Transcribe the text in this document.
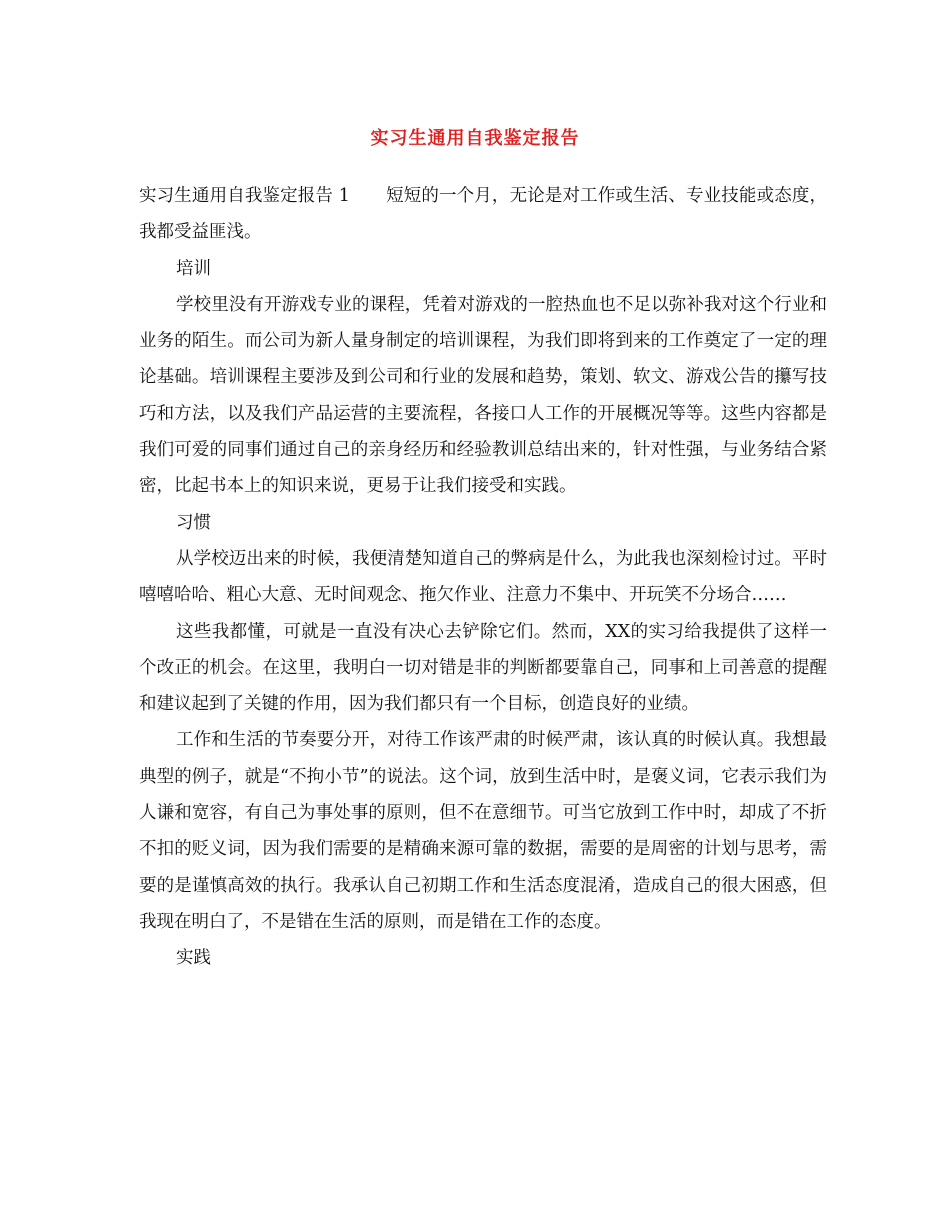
实习生通用自我鉴定报告

实习生通用自我鉴定报告 1 短短的一个月，无论是对工作或生活、专业技能或态度，我都受益匪浅。

培训

学校里没有开游戏专业的课程，凭着对游戏的一腔热血也不足以弥补我对这个行业和业务的陌生。而公司为新人量身制定的培训课程，为我们即将到来的工作奠定了一定的理论基础。培训课程主要涉及到公司和行业的发展和趋势，策划、软文、游戏公告的攥写技巧和方法，以及我们产品运营的主要流程，各接口人工作的开展概况等等。这些内容都是我们可爱的同事们通过自己的亲身经历和经验教训总结出来的，针对性强，与业务结合紧密，比起书本上的知识来说，更易于让我们接受和实践。

习惯

从学校迈出来的时候，我便清楚知道自己的弊病是什么，为此我也深刻检讨过。平时嘻嘻哈哈、粗心大意、无时间观念、拖欠作业、注意力不集中、开玩笑不分场合……

这些我都懂，可就是一直没有决心去铲除它们。然而，XX的实习给我提供了这样一个改正的机会。在这里，我明白一切对错是非的判断都要靠自己，同事和上司善意的提醒和建议起到了关键的作用，因为我们都只有一个目标，创造良好的业绩。

工作和生活的节奏要分开，对待工作该严肃的时候严肃，该认真的时候认真。我想最典型的例子，就是“不拘小节”的说法。这个词，放到生活中时，是褒义词，它表示我们为人谦和宽容，有自己为事处事的原则，但不在意细节。可当它放到工作中时，却成了不折不扣的贬义词，因为我们需要的是精确来源可靠的数据，需要的是周密的计划与思考，需要的是谨慎高效的执行。我承认自己初期工作和生活态度混淆，造成自己的很大困惑，但我现在明白了，不是错在生活的原则，而是错在工作的态度。

实践
